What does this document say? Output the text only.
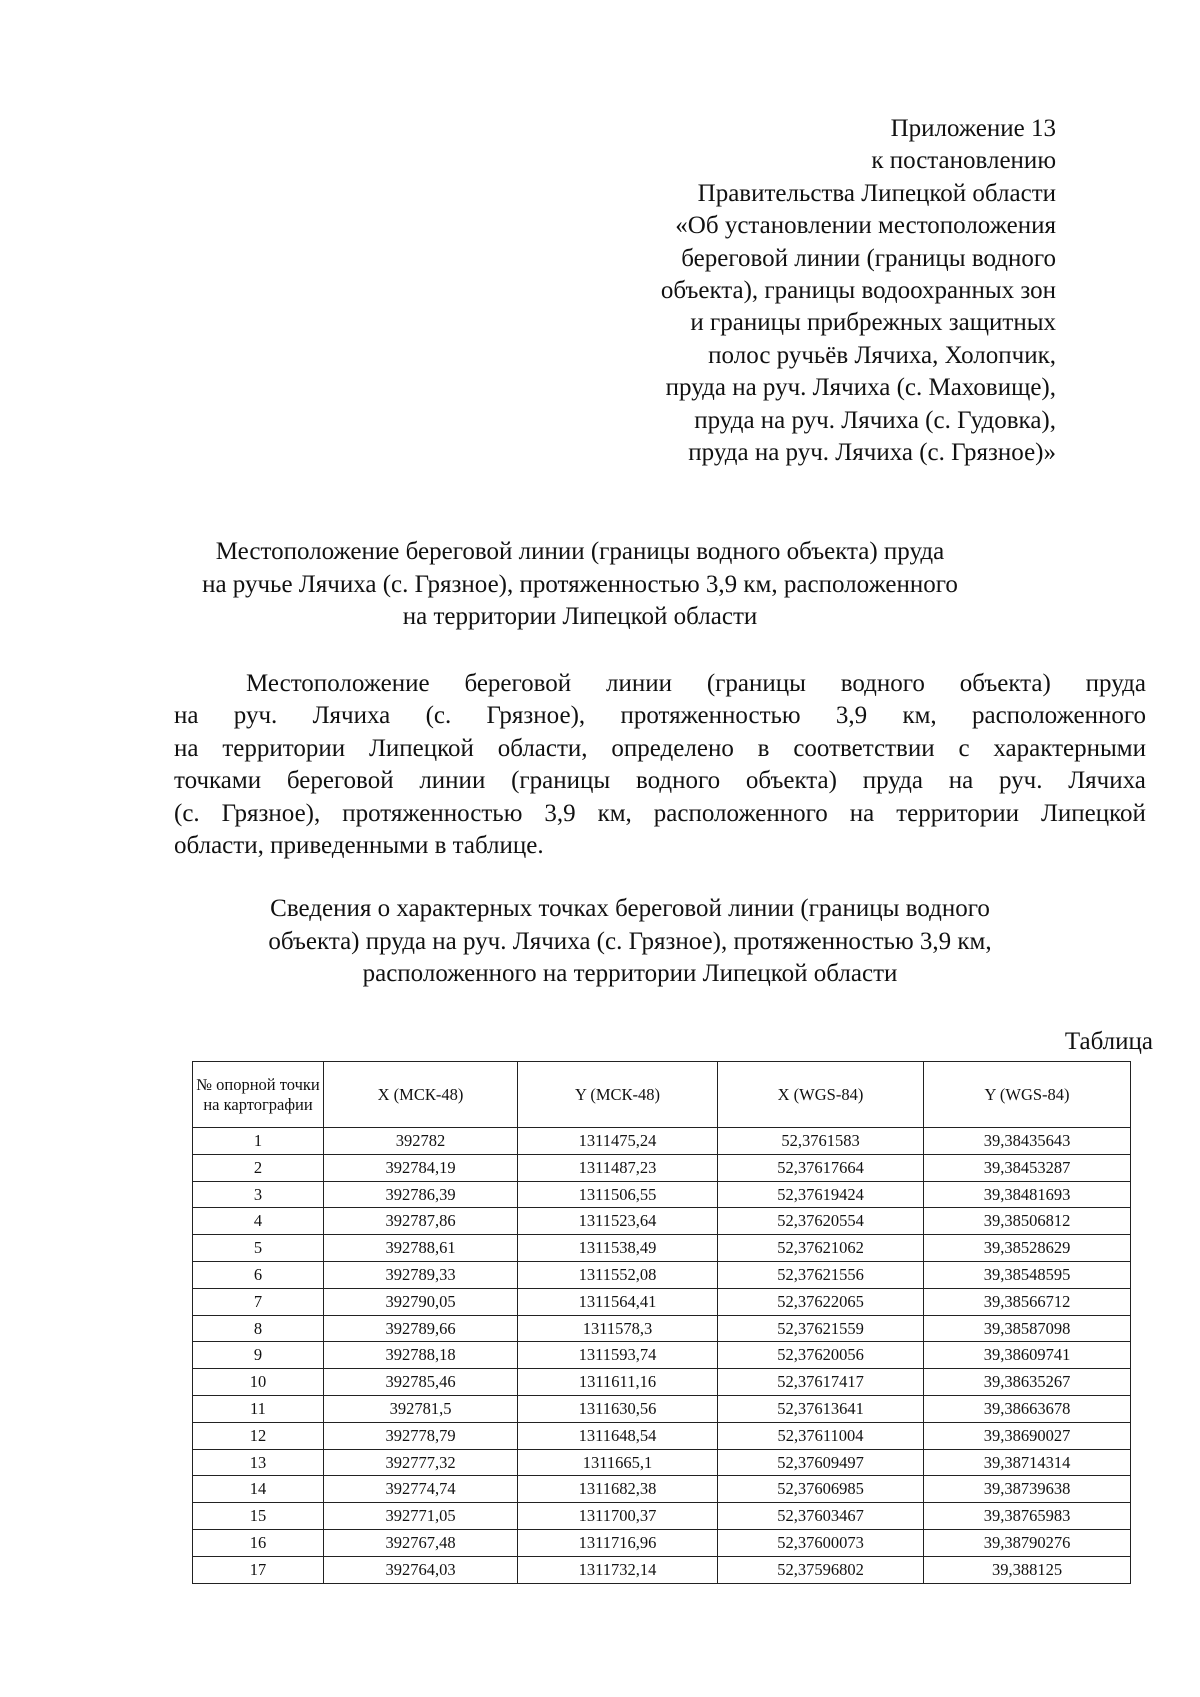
Приложение 13
к постановлению
Правительства Липецкой области
«Об установлении местоположения
береговой линии (границы водного
объекта), границы водоохранных зон
и границы прибрежных защитных
полос ручьёв Лячиха, Холопчик,
пруда на руч. Лячиха (с. Маховище),
пруда на руч. Лячиха (с. Гудовка),
пруда на руч. Лячиха (с. Грязное)»
Местоположение береговой линии (границы водного объекта) пруда
на ручье Лячиха (с. Грязное), протяженностью 3,9 км, расположенного
на территории Липецкой области
Местоположение береговой линии (границы водного объекта) пруда
на руч. Лячиха (с. Грязное), протяженностью 3,9 км, расположенного
на территории Липецкой области, определено в соответствии с характерными
точками береговой линии (границы водного объекта) пруда на руч. Лячиха
(с. Грязное), протяженностью 3,9 км, расположенного на территории Липецкой
области, приведенными в таблице.
Сведения о характерных точках береговой линии (границы водного
объекта) пруда на руч. Лячиха (с. Грязное), протяженностью 3,9 км,
расположенного на территории Липецкой области
Таблица
№ опорной точки на картографии	X (МСК-48)	Y (МСК-48)	X (WGS-84)	Y (WGS-84)
1	392782	1311475,24	52,3761583	39,38435643
2	392784,19	1311487,23	52,37617664	39,38453287
3	392786,39	1311506,55	52,37619424	39,38481693
4	392787,86	1311523,64	52,37620554	39,38506812
5	392788,61	1311538,49	52,37621062	39,38528629
6	392789,33	1311552,08	52,37621556	39,38548595
7	392790,05	1311564,41	52,37622065	39,38566712
8	392789,66	1311578,3	52,37621559	39,38587098
9	392788,18	1311593,74	52,37620056	39,38609741
10	392785,46	1311611,16	52,37617417	39,38635267
11	392781,5	1311630,56	52,37613641	39,38663678
12	392778,79	1311648,54	52,37611004	39,38690027
13	392777,32	1311665,1	52,37609497	39,38714314
14	392774,74	1311682,38	52,37606985	39,38739638
15	392771,05	1311700,37	52,37603467	39,38765983
16	392767,48	1311716,96	52,37600073	39,38790276
17	392764,03	1311732,14	52,37596802	39,388125
